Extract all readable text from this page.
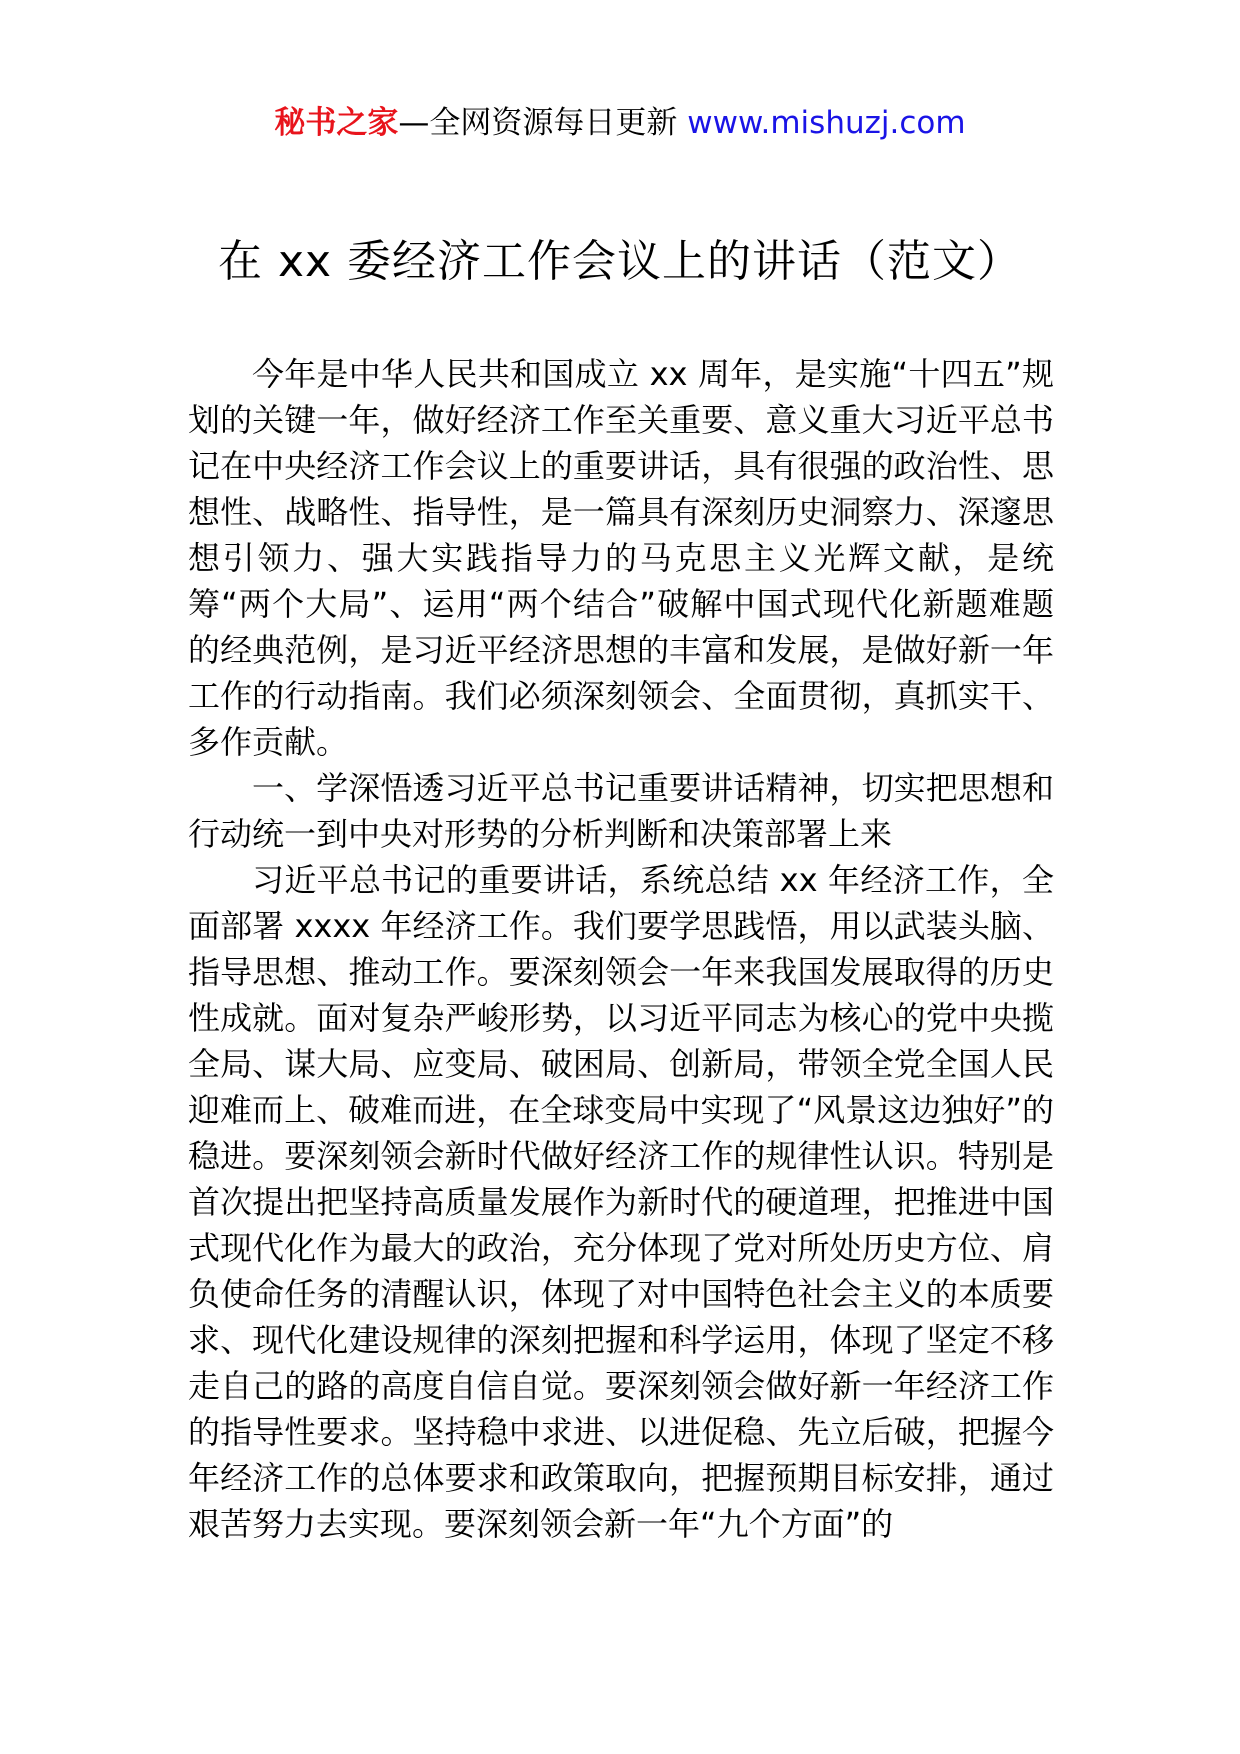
秘书之家—全网资源每日更新 www.mishuzj.com
在 xx 委经济工作会议上的讲话（范文）

今年是中华人民共和国成立 xx 周年，是实施“十四五”规划的关键一年，做好经济工作至关重要、意义重大习近平总书记在中央经济工作会议上的重要讲话，具有很强的政治性、思想性、战略性、指导性，是一篇具有深刻历史洞察力、深邃思想引领力、强大实践指导力的马克思主义光辉文献，是统筹“两个大局”、运用“两个结合”破解中国式现代化新题难题的经典范例，是习近平经济思想的丰富和发展，是做好新一年工作的行动指南。我们必须深刻领会、全面贯彻，真抓实干、多作贡献。

一、学深悟透习近平总书记重要讲话精神，切实把思想和行动统一到中央对形势的分析判断和决策部署上来

习近平总书记的重要讲话，系统总结 xx 年经济工作，全面部署 xxxx 年经济工作。我们要学思践悟，用以武装头脑、指导思想、推动工作。要深刻领会一年来我国发展取得的历史性成就。面对复杂严峻形势，以习近平同志为核心的党中央揽全局、谋大局、应变局、破困局、创新局，带领全党全国人民迎难而上、破难而进，在全球变局中实现了“风景这边独好”的稳进。要深刻领会新时代做好经济工作的规律性认识。特别是首次提出把坚持高质量发展作为新时代的硬道理，把推进中国式现代化作为最大的政治，充分体现了党对所处历史方位、肩负使命任务的清醒认识，体现了对中国特色社会主义的本质要求、现代化建设规律的深刻把握和科学运用，体现了坚定不移走自己的路的高度自信自觉。要深刻领会做好新一年经济工作的指导性要求。坚持稳中求进、以进促稳、先立后破，把握今年经济工作的总体要求和政策取向，把握预期目标安排，通过艰苦努力去实现。要深刻领会新一年“九个方面”的
